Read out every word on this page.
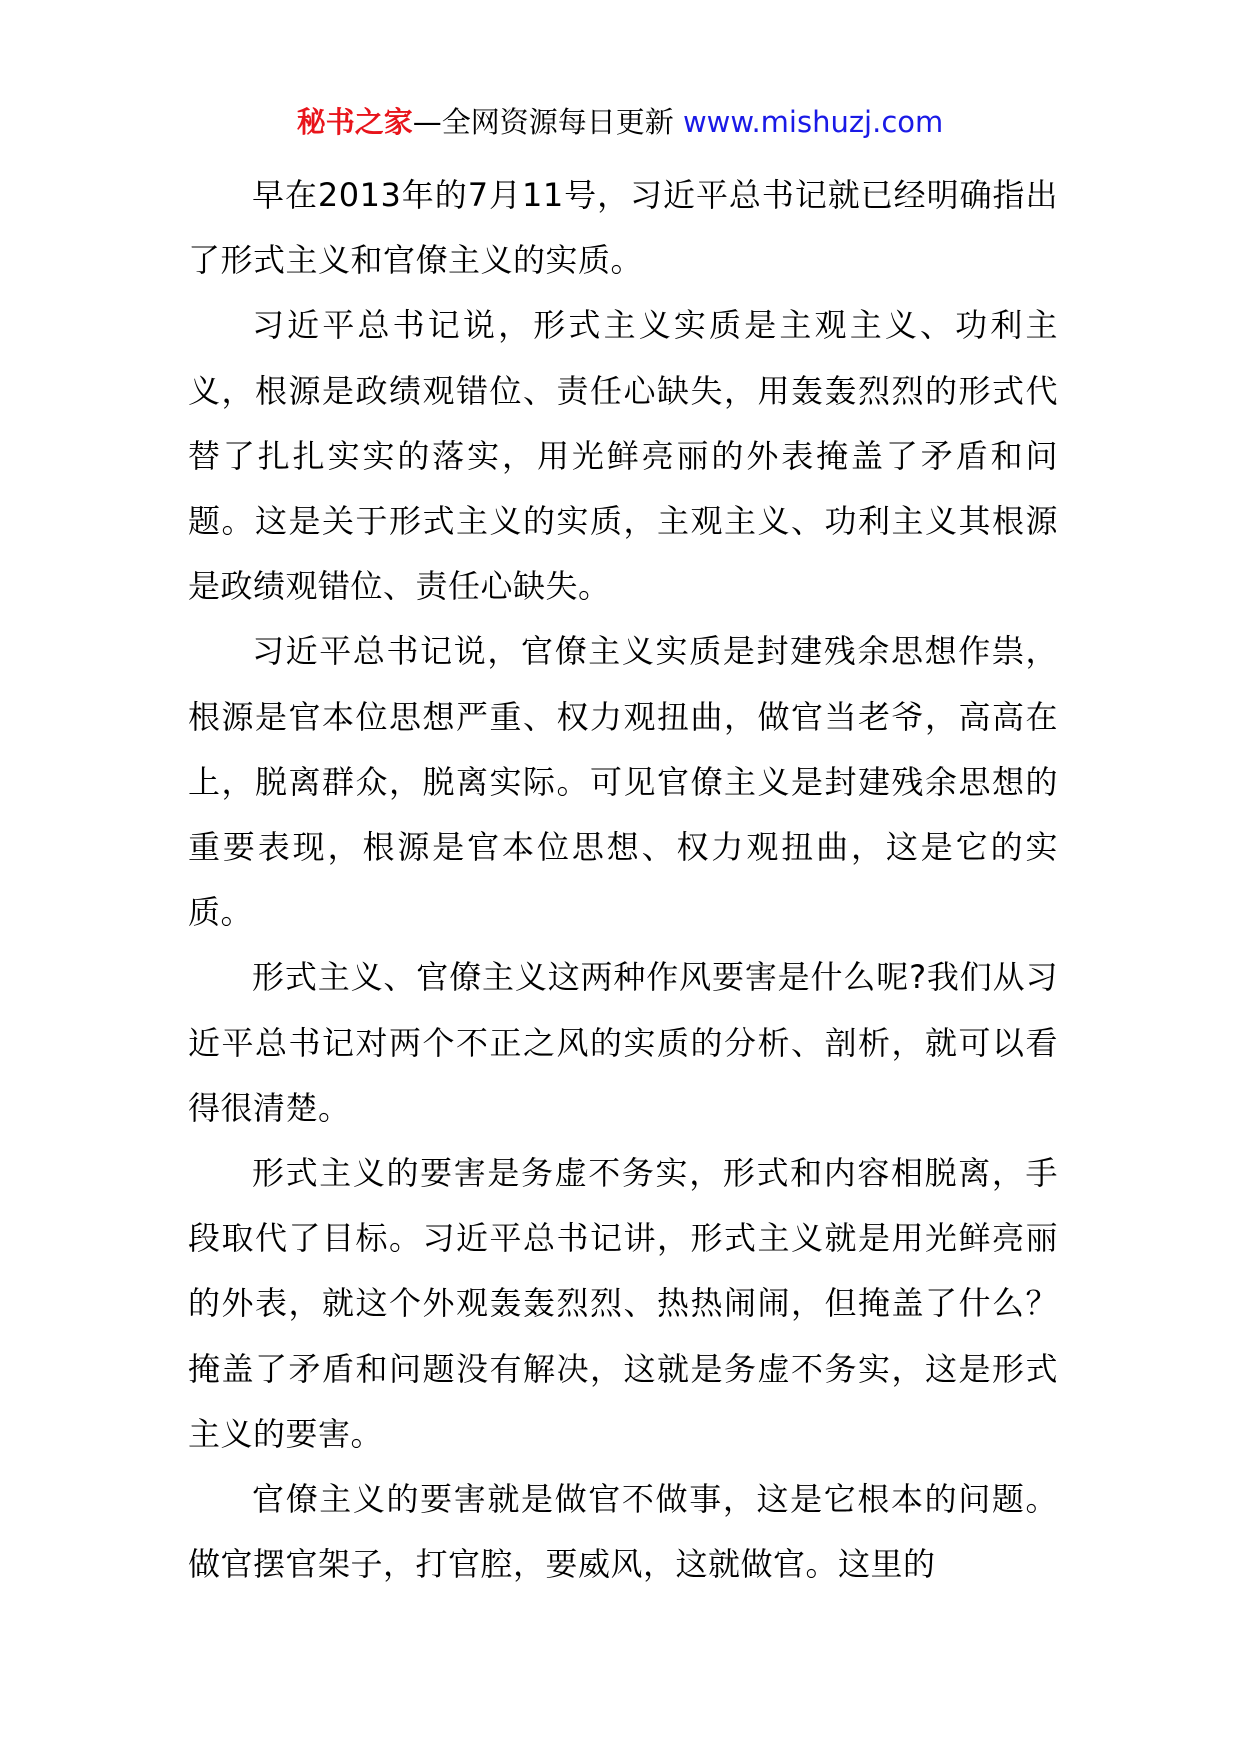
秘书之家—全网资源每日更新 www.mishuzj.com

早在2013年的7月11号，习近平总书记就已经明确指出了形式主义和官僚主义的实质。

习近平总书记说，形式主义实质是主观主义、功利主义，根源是政绩观错位、责任心缺失，用轰轰烈烈的形式代替了扎扎实实的落实，用光鲜亮丽的外表掩盖了矛盾和问题。这是关于形式主义的实质，主观主义、功利主义其根源是政绩观错位、责任心缺失。

习近平总书记说，官僚主义实质是封建残余思想作祟，根源是官本位思想严重、权力观扭曲，做官当老爷，高高在上，脱离群众，脱离实际。可见官僚主义是封建残余思想的重要表现，根源是官本位思想、权力观扭曲，这是它的实质。

形式主义、官僚主义这两种作风要害是什么呢?我们从习近平总书记对两个不正之风的实质的分析、剖析，就可以看得很清楚。

形式主义的要害是务虚不务实，形式和内容相脱离，手段取代了目标。习近平总书记讲，形式主义就是用光鲜亮丽的外表，就这个外观轰轰烈烈、热热闹闹，但掩盖了什么？掩盖了矛盾和问题没有解决，这就是务虚不务实，这是形式主义的要害。

官僚主义的要害就是做官不做事，这是它根本的问题。做官摆官架子，打官腔，要威风，这就做官。这里的
